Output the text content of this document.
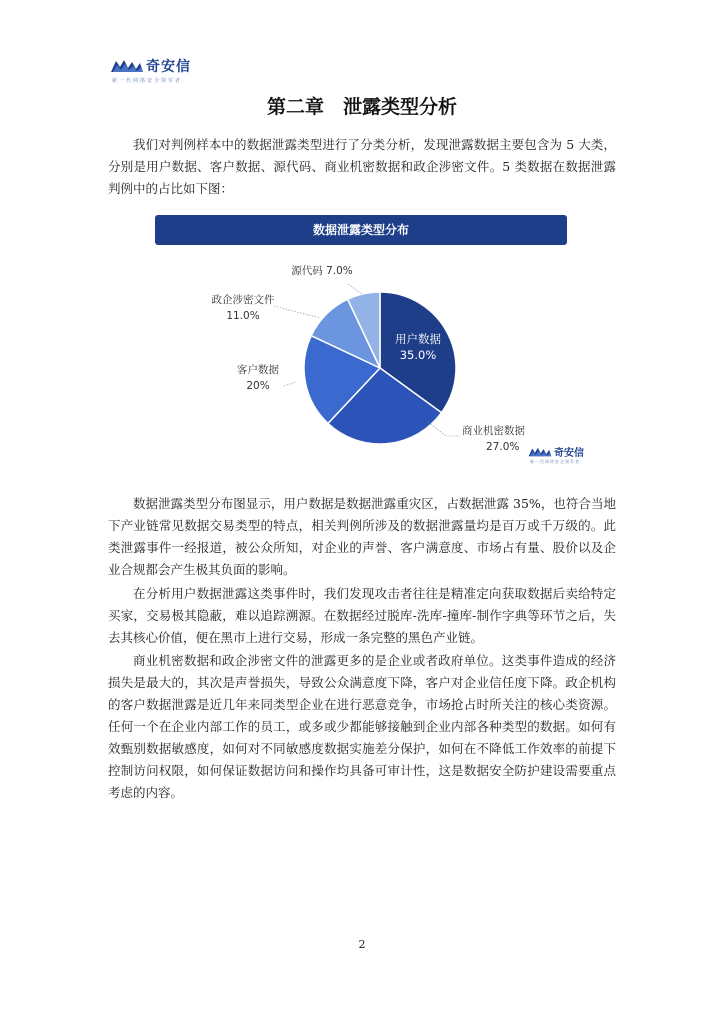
奇安信
新一代网络安全领军者
第二章　泄露类型分析

我们对判例样本中的数据泄露类型进行了分类分析，发现泄露数据主要包含为 5 大类，分别是用户数据、客户数据、源代码、商业机密数据和政企涉密文件。5 类数据在数据泄露判例中的占比如下图：

数据泄露类型分布
用户数据
35.0%
商业机密数据
27.0%
客户数据
20%
政企涉密文件
11.0%
源代码 7.0%
奇安信
新一代网络安全领军者

数据泄露类型分布图显示，用户数据是数据泄露重灾区，占数据泄露 35%，也符合当地下产业链常见数据交易类型的特点，相关判例所涉及的数据泄露量均是百万或千万级的。此类泄露事件一经报道，被公众所知，对企业的声誉、客户满意度、市场占有量、股价以及企业合规都会产生极其负面的影响。

在分析用户数据泄露这类事件时，我们发现攻击者往往是精准定向获取数据后卖给特定买家，交易极其隐蔽，难以追踪溯源。在数据经过脱库-洗库-撞库-制作字典等环节之后，失去其核心价值，便在黑市上进行交易，形成一条完整的黑色产业链。

商业机密数据和政企涉密文件的泄露更多的是企业或者政府单位。这类事件造成的经济损失是最大的，其次是声誉损失，导致公众满意度下降，客户对企业信任度下降。政企机构的客户数据泄露是近几年来同类型企业在进行恶意竞争，市场抢占时所关注的核心类资源。任何一个在企业内部工作的员工，或多或少都能够接触到企业内部各种类型的数据。如何有效甄别数据敏感度，如何对不同敏感度数据实施差分保护，如何在不降低工作效率的前提下控制访问权限，如何保证数据访问和操作均具备可审计性，这是数据安全防护建设需要重点考虑的内容。

2
